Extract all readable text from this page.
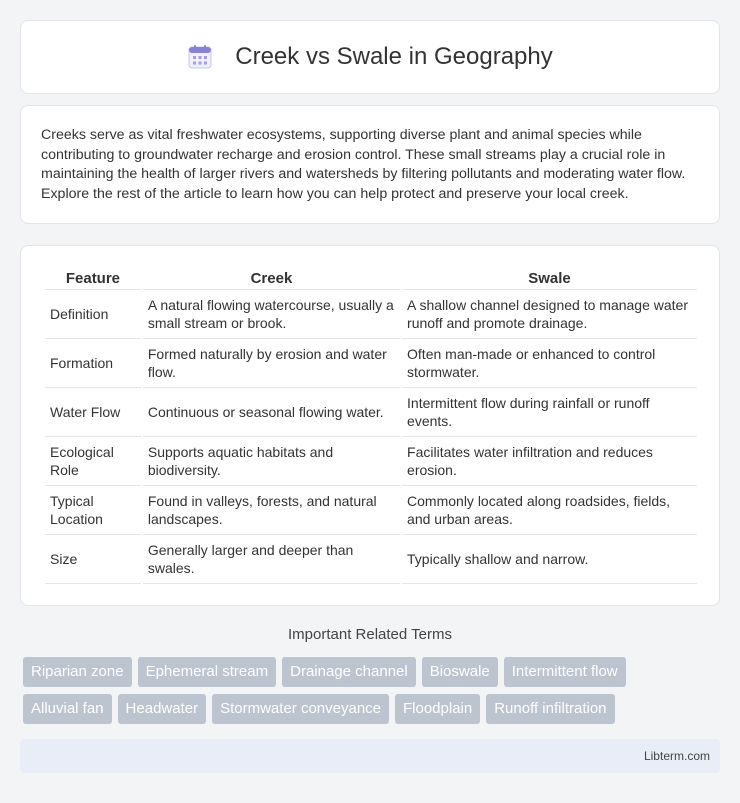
Creek vs Swale in Geography

Creeks serve as vital freshwater ecosystems, supporting diverse plant and animal species while contributing to groundwater recharge and erosion control. These small streams play a crucial role in maintaining the health of larger rivers and watersheds by filtering pollutants and moderating water flow. Explore the rest of the article to learn how you can help protect and preserve your local creek.

Feature	Creek	Swale
Definition	A natural flowing watercourse, usually a small stream or brook.	A shallow channel designed to manage water runoff and promote drainage.
Formation	Formed naturally by erosion and water flow.	Often man-made or enhanced to control stormwater.
Water Flow	Continuous or seasonal flowing water.	Intermittent flow during rainfall or runoff events.
Ecological Role	Supports aquatic habitats and biodiversity.	Facilitates water infiltration and reduces erosion.
Typical Location	Found in valleys, forests, and natural landscapes.	Commonly located along roadsides, fields, and urban areas.
Size	Generally larger and deeper than swales.	Typically shallow and narrow.
Important Related Terms
Riparian zone	Ephemeral stream	Drainage channel	Bioswale	Intermittent flow
Alluvial fan	Headwater	Stormwater conveyance	Floodplain	Runoff infiltration
Libterm.com
